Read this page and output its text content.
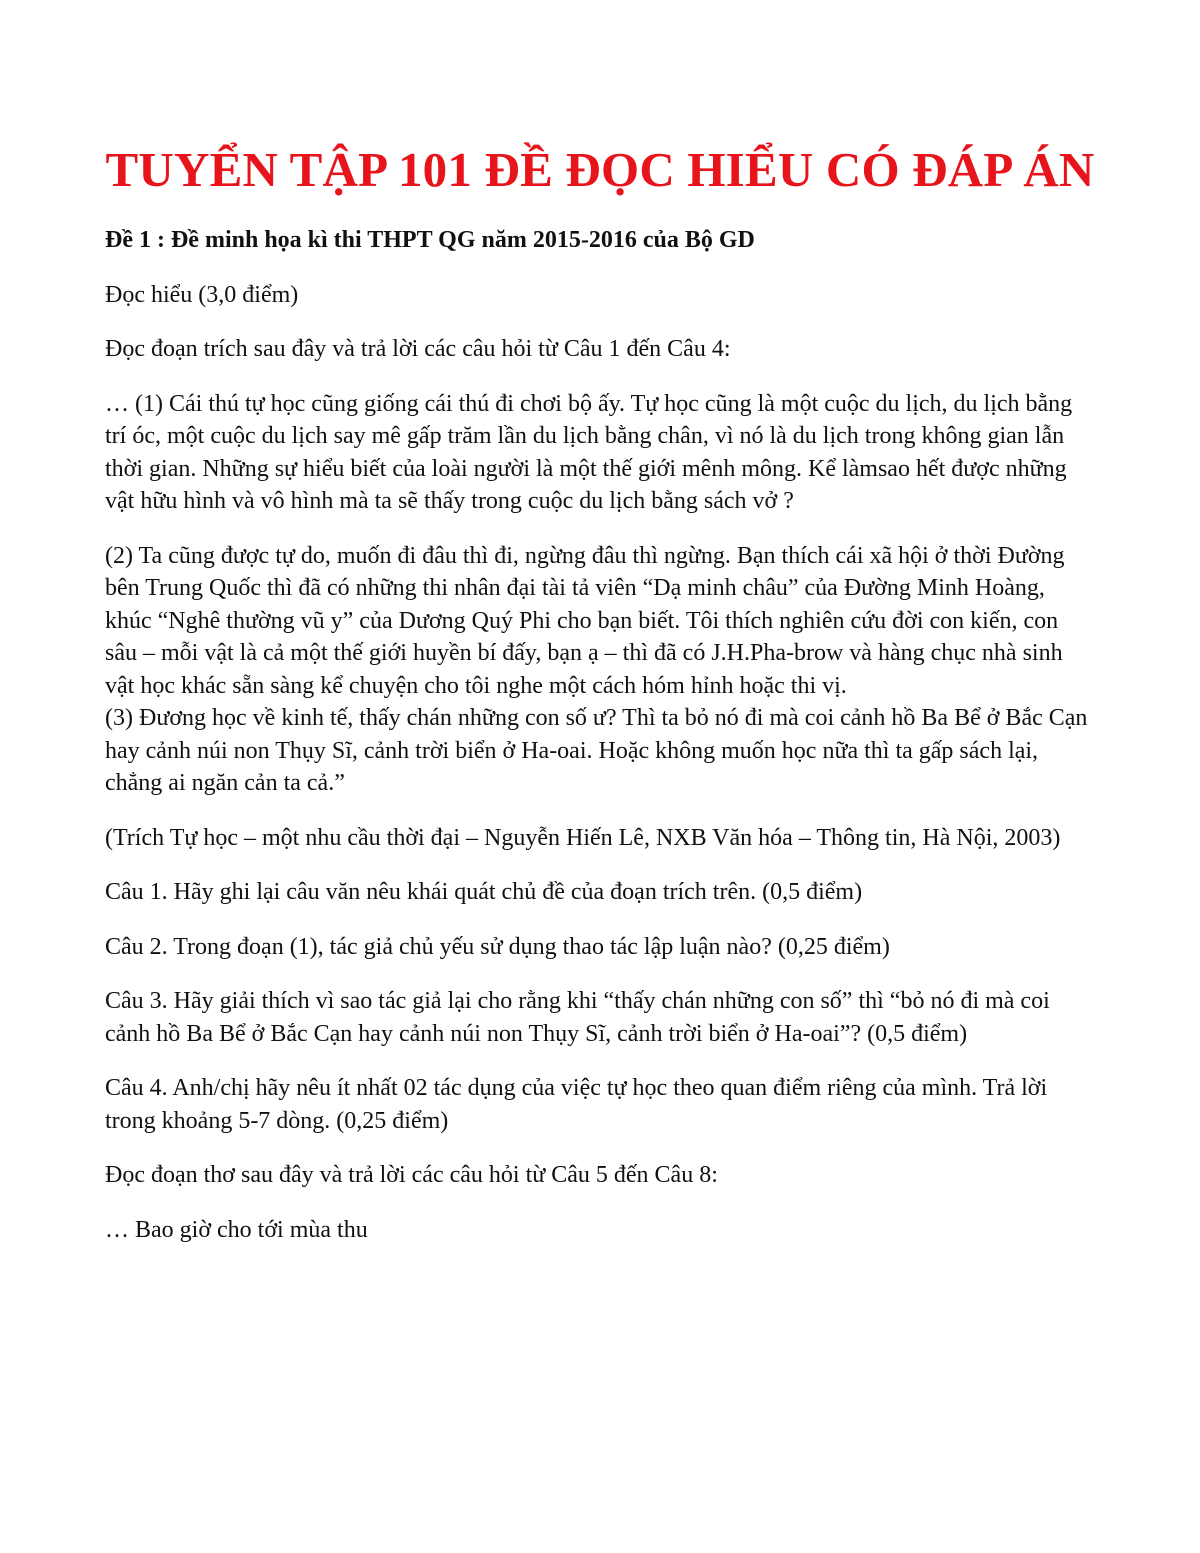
TUYỂN TẬP 101 ĐỀ ĐỌC HIỂU CÓ ĐÁP ÁN

Đề 1 : Đề minh họa kì thi THPT QG năm 2015-2016 của Bộ GD

Đọc hiểu (3,0 điểm)

Đọc đoạn trích sau đây và trả lời các câu hỏi từ Câu 1 đến Câu 4:

… (1) Cái thú tự học cũng giống cái thú đi chơi bộ ấy. Tự học cũng là một cuộc du lịch, du lịch bằng trí óc, một cuộc du lịch say mê gấp trăm lần du lịch bằng chân, vì nó là du lịch trong không gian lẫn thời gian. Những sự hiểu biết của loài người là một thế giới mênh mông. Kể làmsao hết được những vật hữu hình và vô hình mà ta sẽ thấy trong cuộc du lịch bằng sách vở ?

(2) Ta cũng được tự do, muốn đi đâu thì đi, ngừng đâu thì ngừng. Bạn thích cái xã hội ở thời Đường bên Trung Quốc thì đã có những thi nhân đại tài tả viên “Dạ minh châu” của Đường Minh Hoàng, khúc “Nghê thường vũ y” của Dương Quý Phi cho bạn biết. Tôi thích nghiên cứu đời con kiến, con sâu – mỗi vật là cả một thế giới huyền bí đấy, bạn ạ – thì đã có J.H.Pha-brow và hàng chục nhà sinh vật học khác sẵn sàng kể chuyện cho tôi nghe một cách hóm hỉnh hoặc thi vị.

(3) Đương học về kinh tế, thấy chán những con số ư? Thì ta bỏ nó đi mà coi cảnh hồ Ba Bể ở Bắc Cạn hay cảnh núi non Thụy Sĩ, cảnh trời biển ở Ha-oai. Hoặc không muốn học nữa thì ta gấp sách lại, chẳng ai ngăn cản ta cả.”

(Trích Tự học – một nhu cầu thời đại – Nguyễn Hiến Lê, NXB Văn hóa – Thông tin, Hà Nội, 2003)

Câu 1. Hãy ghi lại câu văn nêu khái quát chủ đề của đoạn trích trên. (0,5 điểm)

Câu 2. Trong đoạn (1), tác giả chủ yếu sử dụng thao tác lập luận nào? (0,25 điểm)

Câu 3. Hãy giải thích vì sao tác giả lại cho rằng khi “thấy chán những con số” thì “bỏ nó đi mà coi cảnh hồ Ba Bể ở Bắc Cạn hay cảnh núi non Thụy Sĩ, cảnh trời biển ở Ha-oai”? (0,5 điểm)

Câu 4. Anh/chị hãy nêu ít nhất 02 tác dụng của việc tự học theo quan điểm riêng của mình. Trả lời trong khoảng 5-7 dòng. (0,25 điểm)

Đọc đoạn thơ sau đây và trả lời các câu hỏi từ Câu 5 đến Câu 8:

… Bao giờ cho tới mùa thu
